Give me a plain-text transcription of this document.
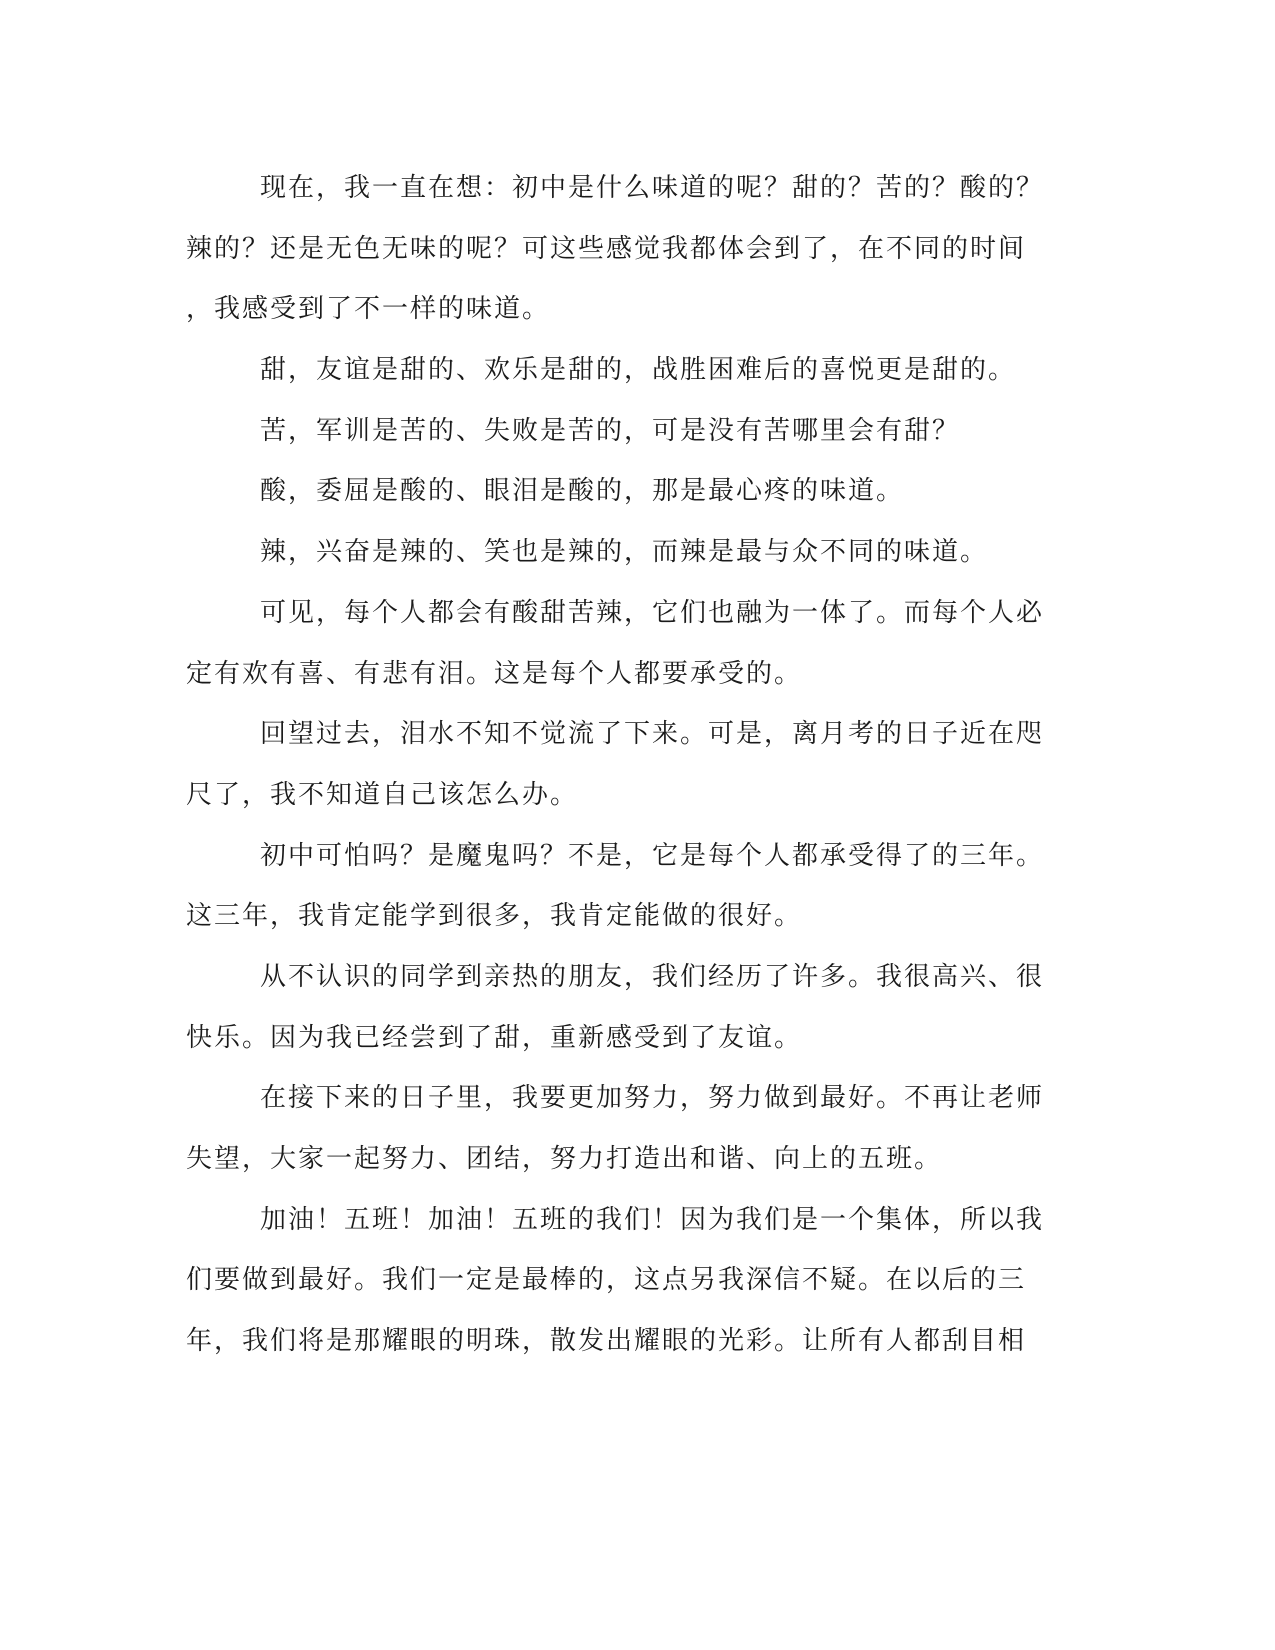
现在，我一直在想：初中是什么味道的呢？甜的？苦的？酸的？
辣的？还是无色无味的呢？可这些感觉我都体会到了，在不同的时间
，我感受到了不一样的味道。
甜，友谊是甜的、欢乐是甜的，战胜困难后的喜悦更是甜的。
苦，军训是苦的、失败是苦的，可是没有苦哪里会有甜？
酸，委屈是酸的、眼泪是酸的，那是最心疼的味道。
辣，兴奋是辣的、笑也是辣的，而辣是最与众不同的味道。
可见，每个人都会有酸甜苦辣，它们也融为一体了。而每个人必
定有欢有喜、有悲有泪。这是每个人都要承受的。
回望过去，泪水不知不觉流了下来。可是，离月考的日子近在咫
尺了，我不知道自己该怎么办。
初中可怕吗？是魔鬼吗？不是，它是每个人都承受得了的三年。
这三年，我肯定能学到很多，我肯定能做的很好。
从不认识的同学到亲热的朋友，我们经历了许多。我很高兴、很
快乐。因为我已经尝到了甜，重新感受到了友谊。
在接下来的日子里，我要更加努力，努力做到最好。不再让老师
失望，大家一起努力、团结，努力打造出和谐、向上的五班。
加油！五班！加油！五班的我们！因为我们是一个集体，所以我
们要做到最好。我们一定是最棒的，这点另我深信不疑。在以后的三
年，我们将是那耀眼的明珠，散发出耀眼的光彩。让所有人都刮目相
